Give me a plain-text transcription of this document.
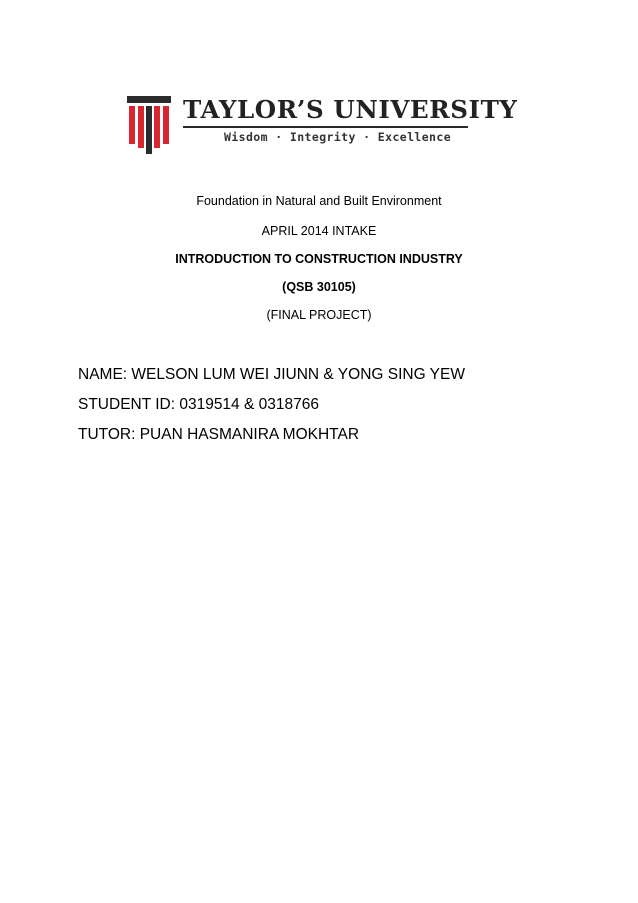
TAYLOR’S UNIVERSITY
Wisdom · Integrity · Excellence
Foundation in Natural and Built Environment
APRIL 2014 INTAKE
INTRODUCTION TO CONSTRUCTION INDUSTRY
(QSB 30105)
(FINAL PROJECT)
NAME: WELSON LUM WEI JIUNN & YONG SING YEW
STUDENT ID: 0319514 & 0318766
TUTOR: PUAN HASMANIRA MOKHTAR
